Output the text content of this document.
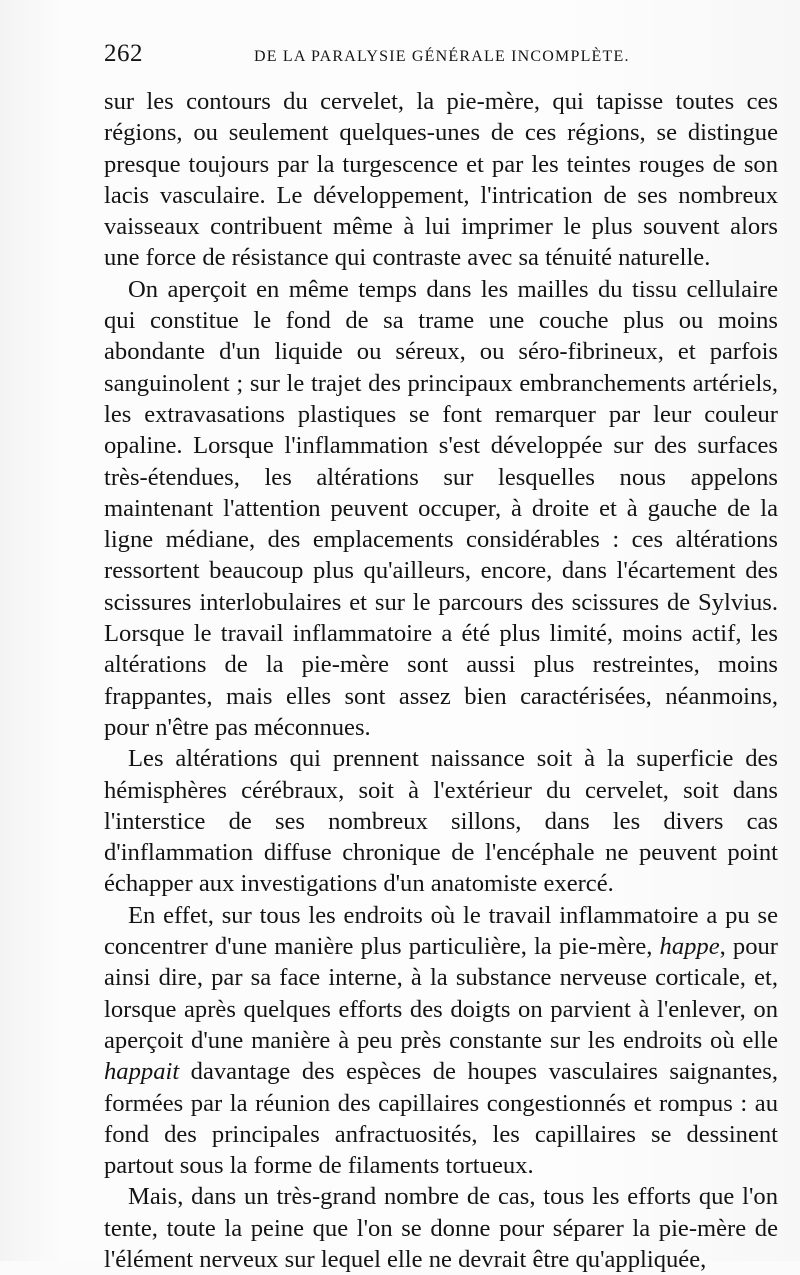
262	DE LA PARALYSIE GÉNÉRALE INCOMPLÈTE.

sur les contours du cervelet, la pie-mère, qui tapisse toutes ces régions, ou seulement quelques-unes de ces régions, se distingue presque toujours par la turgescence et par les teintes rouges de son lacis vasculaire. Le développement, l'intrication de ses nombreux vaisseaux contribuent même à lui imprimer le plus souvent alors une force de résistance qui contraste avec sa ténuité naturelle.

On aperçoit en même temps dans les mailles du tissu cellulaire qui constitue le fond de sa trame une couche plus ou moins abondante d'un liquide ou séreux, ou séro-fibrineux, et parfois sanguinolent ; sur le trajet des principaux embranchements artériels, les extravasations plastiques se font remarquer par leur couleur opaline. Lorsque l'inflammation s'est développée sur des surfaces très-étendues, les altérations sur lesquelles nous appelons maintenant l'attention peuvent occuper, à droite et à gauche de la ligne médiane, des emplacements considérables : ces altérations ressortent beaucoup plus qu'ailleurs, encore, dans l'écartement des scissures interlobulaires et sur le parcours des scissures de Sylvius. Lorsque le travail inflammatoire a été plus limité, moins actif, les altérations de la pie-mère sont aussi plus restreintes, moins frappantes, mais elles sont assez bien caractérisées, néanmoins, pour n'être pas méconnues.

Les altérations qui prennent naissance soit à la superficie des hémisphères cérébraux, soit à l'extérieur du cervelet, soit dans l'interstice de ses nombreux sillons, dans les divers cas d'inflammation diffuse chronique de l'encéphale ne peuvent point échapper aux investigations d'un anatomiste exercé.

En effet, sur tous les endroits où le travail inflammatoire a pu se concentrer d'une manière plus particulière, la pie-mère, happe, pour ainsi dire, par sa face interne, à la substance nerveuse corticale, et, lorsque après quelques efforts des doigts on parvient à l'enlever, on aperçoit d'une manière à peu près constante sur les endroits où elle happait davantage des espèces de houpes vasculaires saignantes, formées par la réunion des capillaires congestionnés et rompus : au fond des principales anfractuosités, les capillaires se dessinent partout sous la forme de filaments tortueux.

Mais, dans un très-grand nombre de cas, tous les efforts que l'on tente, toute la peine que l'on se donne pour séparer la pie-mère de l'élément nerveux sur lequel elle ne devrait être qu'appliquée,
